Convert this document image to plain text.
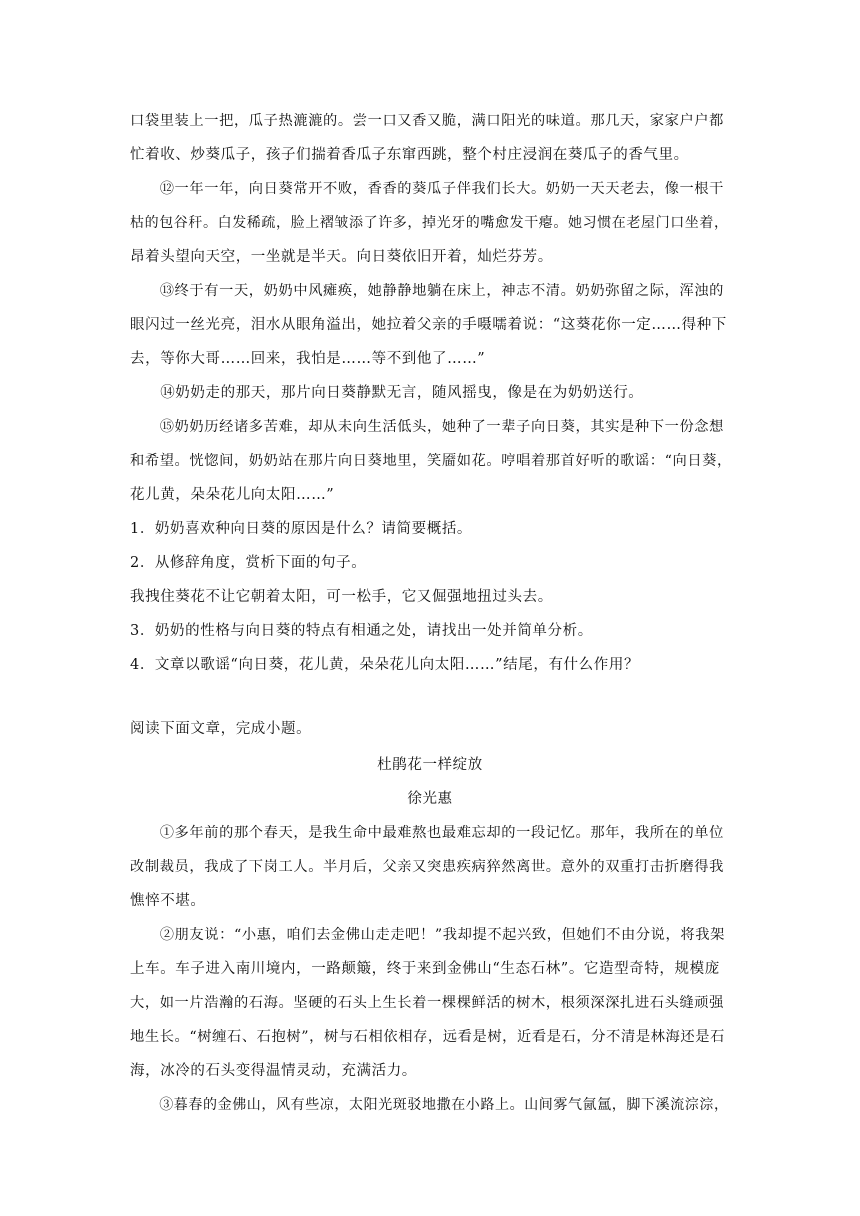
口袋里装上一把，瓜子热漉漉的。尝一口又香又脆，满口阳光的味道。那几天，家家户户都
忙着收、炒葵瓜子，孩子们揣着香瓜子东窜西跳，整个村庄浸润在葵瓜子的香气里。
　　⑫一年一年，向日葵常开不败，香香的葵瓜子伴我们长大。奶奶一天天老去，像一根干
枯的包谷秆。白发稀疏，脸上褶皱添了许多，掉光牙的嘴愈发干瘪。她习惯在老屋门口坐着，
昂着头望向天空，一坐就是半天。向日葵依旧开着，灿烂芬芳。
　　⑬终于有一天，奶奶中风瘫痪，她静静地躺在床上，神志不清。奶奶弥留之际，浑浊的
眼闪过一丝光亮，泪水从眼角溢出，她拉着父亲的手嗫嚅着说：“这葵花你一定……得种下
去，等你大哥……回来，我怕是……等不到他了……”
　　⑭奶奶走的那天，那片向日葵静默无言，随风摇曳，像是在为奶奶送行。
　　⑮奶奶历经诸多苦难，却从未向生活低头，她种了一辈子向日葵，其实是种下一份念想
和希望。恍惚间，奶奶站在那片向日葵地里，笑靥如花。哼唱着那首好听的歌谣：“向日葵，
花儿黄，朵朵花儿向太阳……”
1．奶奶喜欢种向日葵的原因是什么？请简要概括。
2．从修辞角度，赏析下面的句子。
我拽住葵花不让它朝着太阳，可一松手，它又倔强地扭过头去。
3．奶奶的性格与向日葵的特点有相通之处，请找出一处并简单分析。
4．文章以歌谣“向日葵，花儿黄，朵朵花儿向太阳……”结尾，有什么作用？
阅读下面文章，完成小题。
杜鹃花一样绽放
徐光惠
　　①多年前的那个春天，是我生命中最难熬也最难忘却的一段记忆。那年，我所在的单位
改制裁员，我成了下岗工人。半月后，父亲又突患疾病猝然离世。意外的双重打击折磨得我
憔悴不堪。
　　②朋友说：“小惠，咱们去金佛山走走吧！”我却提不起兴致，但她们不由分说，将我架
上车。车子进入南川境内，一路颠簸，终于来到金佛山“生态石林”。它造型奇特，规模庞
大，如一片浩瀚的石海。坚硬的石头上生长着一棵棵鲜活的树木，根须深深扎进石头缝顽强
地生长。“树缠石、石抱树”，树与石相依相存，远看是树，近看是石，分不清是林海还是石
海，冰冷的石头变得温情灵动，充满活力。
　　③暮春的金佛山，风有些凉，太阳光斑驳地撒在小路上。山间雾气氤氲，脚下溪流淙淙，
